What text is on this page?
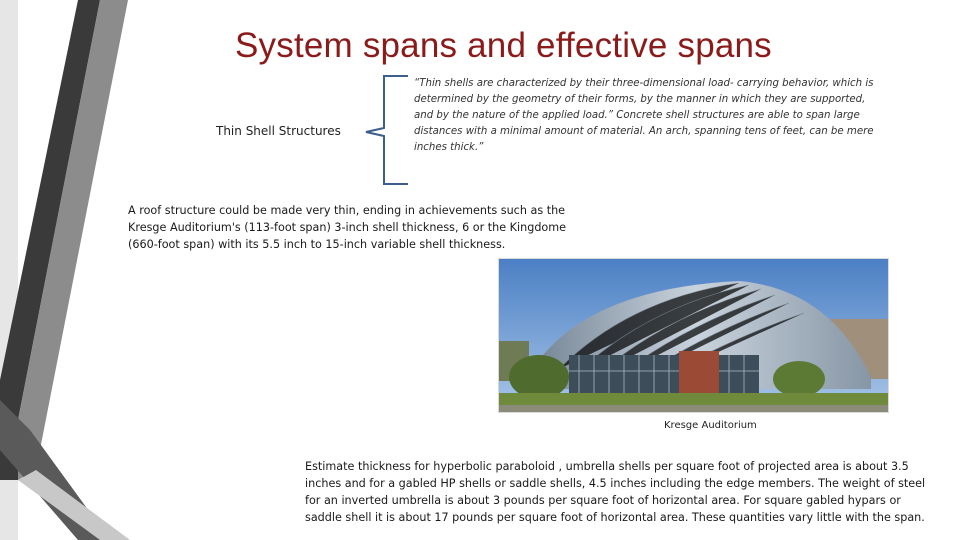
System spans and effective spans
Thin Shell Structures
“Thin shells are characterized by their three-dimensional load- carrying behavior, which is determined by the geometry of their forms, by the manner in which they are supported, and by the nature of the applied load.” Concrete shell structures are able to span large distances with a minimal amount of material. An arch, spanning tens of feet, can be mere inches thick.”
A roof structure could be made very thin, ending in achievements such as the Kresge Auditorium's (113-foot span) 3-inch shell thickness, 6 or the Kingdome (660-foot span) with its 5.5 inch to 15-inch variable shell thickness.
Kresge Auditorium
Estimate thickness for hyperbolic paraboloid , umbrella shells per square foot of projected area is about 3.5 inches and for a gabled HP shells or saddle shells, 4.5 inches including the edge members. The weight of steel for an inverted umbrella is about 3 pounds per square foot of horizontal area. For square gabled hypars or saddle shell it is about 17 pounds per square foot of horizontal area. These quantities vary little with the span.
